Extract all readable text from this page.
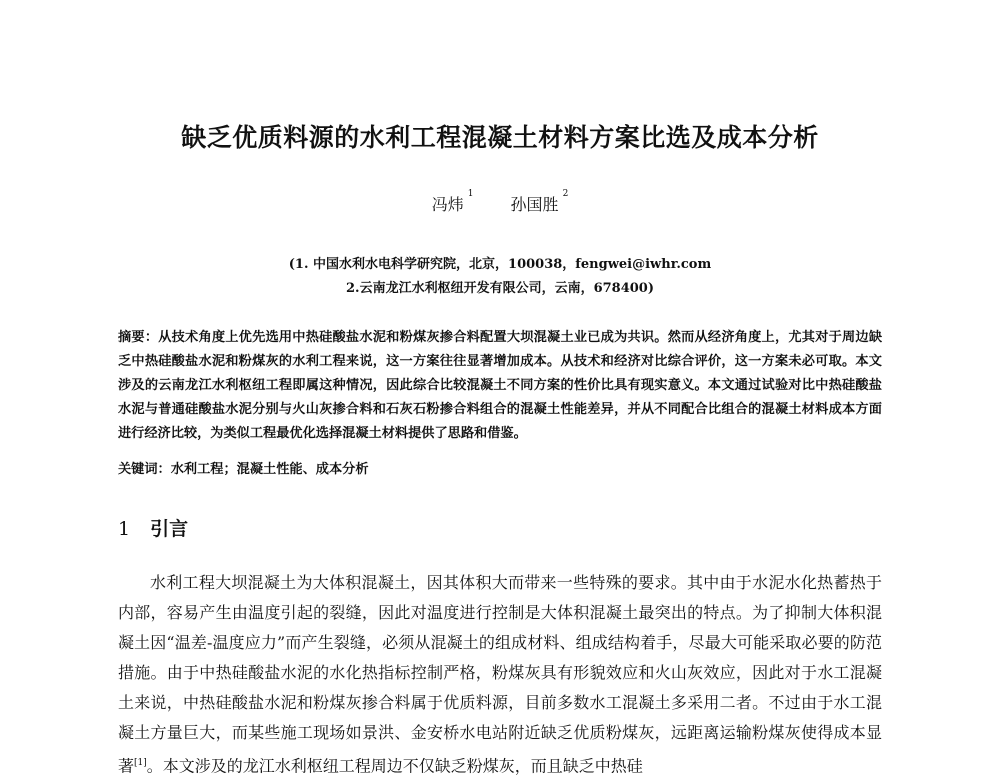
缺乏优质料源的水利工程混凝土材料方案比选及成本分析
冯炜$^1$ 孙国胜$^2$
(1. 中国水利水电科学研究院，北京，100038，fengwei@iwhr.com
2.云南龙江水利枢纽开发有限公司，云南，678400)
摘要：从技术角度上优先选用中热硅酸盐水泥和粉煤灰掺合料配置大坝混凝土业已成为共识。然而从经济角度上，尤其对于周边缺乏中热硅酸盐水泥和粉煤灰的水利工程来说，这一方案往往显著增加成本。从技术和经济对比综合评价，这一方案未必可取。本文涉及的云南龙江水利枢纽工程即属这种情况，因此综合比较混凝土不同方案的性价比具有现实意义。本文通过试验对比中热硅酸盐水泥与普通硅酸盐水泥分别与火山灰掺合料和石灰石粉掺合料组合的混凝土性能差异，并从不同配合比组合的混凝土材料成本方面进行经济比较，为类似工程最优化选择混凝土材料提供了思路和借鉴。
关键词：水利工程；混凝土性能、成本分析
1 引言
水利工程大坝混凝土为大体积混凝土，因其体积大而带来一些特殊的要求。其中由于水泥水化热蓄热于内部，容易产生由温度引起的裂缝，因此对温度进行控制是大体积混凝土最突出的特点。为了抑制大体积混凝土因“温差-温度应力”而产生裂缝，必须从混凝土的组成材料、组成结构着手，尽最大可能采取必要的防范措施。由于中热硅酸盐水泥的水化热指标控制严格，粉煤灰具有形貌效应和火山灰效应，因此对于水工混凝土来说，中热硅酸盐水泥和粉煤灰掺合料属于优质料源，目前多数水工混凝土多采用二者。不过由于水工混凝土方量巨大，而某些施工现场如景洪、金安桥水电站附近缺乏优质粉煤灰，远距离运输粉煤灰使得成本显著[1]。本文涉及的龙江水利枢纽工程周边不仅缺乏粉煤灰，而且缺乏中热硅
